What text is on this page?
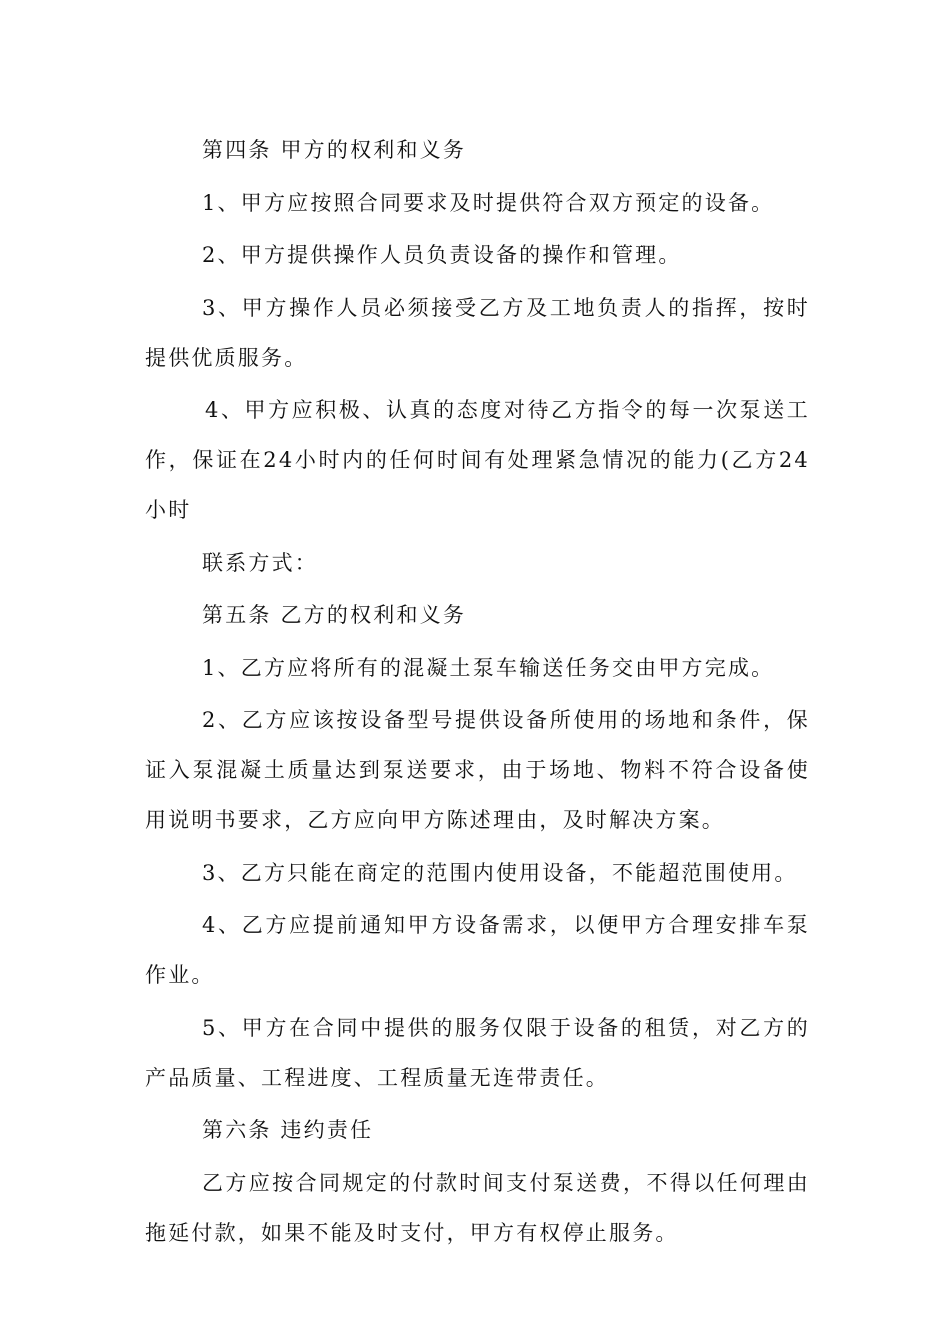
第四条 甲方的权利和义务

1、甲方应按照合同要求及时提供符合双方预定的设备。

2、甲方提供操作人员负责设备的操作和管理。

3、甲方操作人员必须接受乙方及工地负责人的指挥，按时提供优质服务。

4、甲方应积极、认真的态度对待乙方指令的每一次泵送工作，保证在24小时内的任何时间有处理紧急情况的能力(乙方24小时

联系方式：

第五条 乙方的权利和义务

1、乙方应将所有的混凝土泵车输送任务交由甲方完成。

2、乙方应该按设备型号提供设备所使用的场地和条件，保证入泵混凝土质量达到泵送要求，由于场地、物料不符合设备使用说明书要求，乙方应向甲方陈述理由，及时解决方案。

3、乙方只能在商定的范围内使用设备，不能超范围使用。

4、乙方应提前通知甲方设备需求，以便甲方合理安排车泵作业。

5、甲方在合同中提供的服务仅限于设备的租赁，对乙方的产品质量、工程进度、工程质量无连带责任。

第六条 违约责任

乙方应按合同规定的付款时间支付泵送费，不得以任何理由拖延付款，如果不能及时支付，甲方有权停止服务。
